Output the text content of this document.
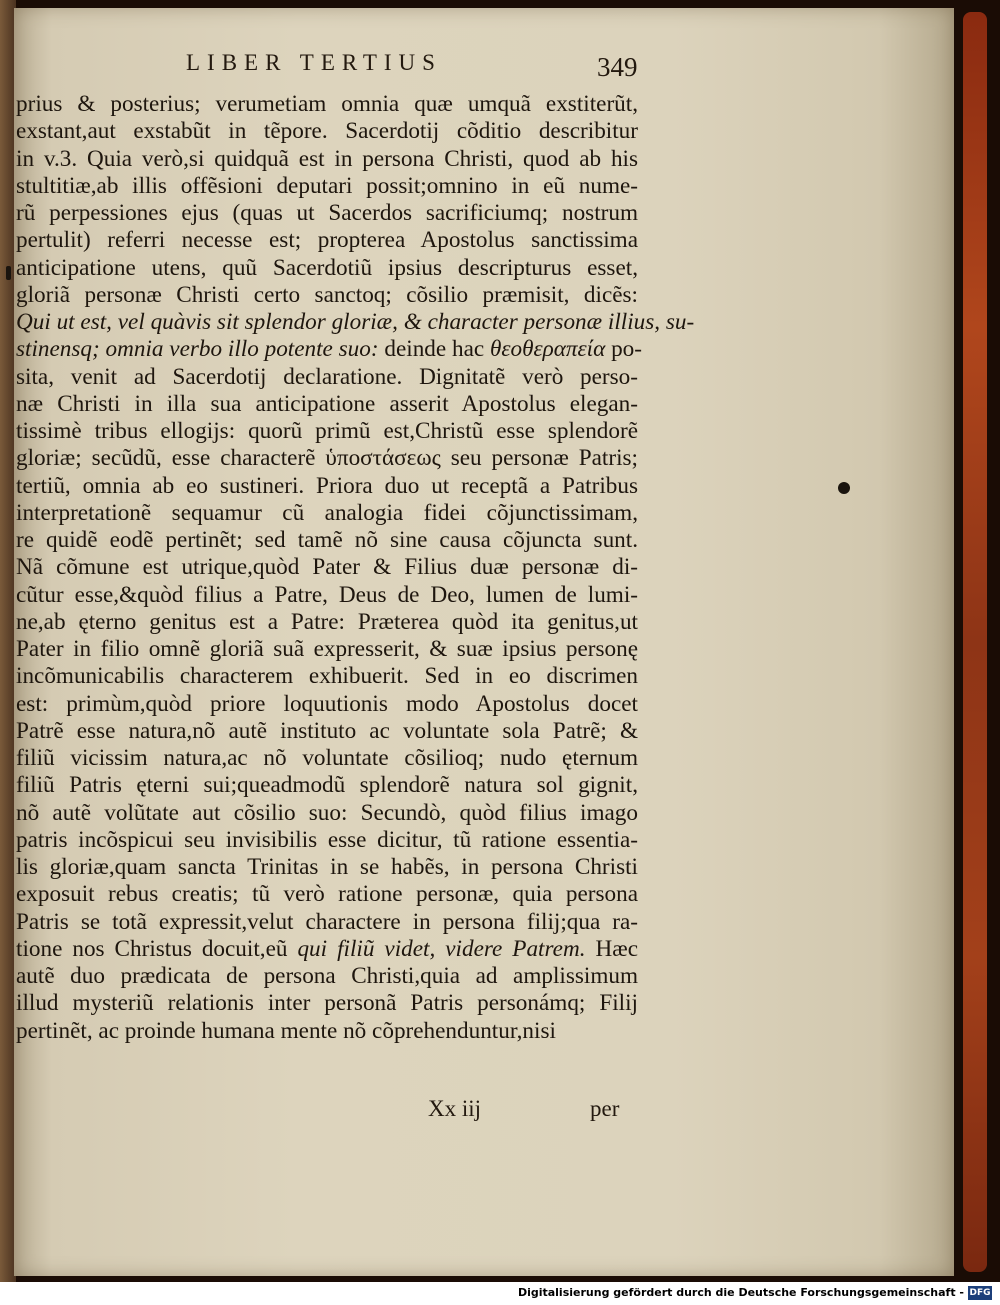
LIBER TERTIUS	349
prius & posterius; verumetiam omnia quæ umquã exstiterũt,
exstant,aut exstabũt in tẽpore. Sacerdotij cõditio describitur
in v.3. Quia verò,si quidquã est in persona Christi, quod ab his
stultitiæ,ab illis offẽsioni deputari possit;omnino in eũ nume-
rũ perpessiones ejus (quas ut Sacerdos sacrificiumq; nostrum
pertulit) referri necesse est; propterea Apostolus sanctissima
anticipatione utens, quũ Sacerdotiũ ipsius descripturus esset,
gloriã personæ Christi certo sanctoq; cõsilio præmisit, dicẽs:
Qui ut est, vel quàvis sit splendor gloriæ, & character personæ illius, su-
stinensq; omnia verbo illo potente suo: deinde hac θεοθεραπεία po-
sita, venit ad Sacerdotij declaratione. Dignitatẽ verò perso-
næ Christi in illa sua anticipatione asserit Apostolus elegan-
tissimè tribus ellogijs: quorũ primũ est,Christũ esse splendorẽ
gloriæ; secũdũ, esse characterẽ ὑποστάσεως seu personæ Patris;
tertiũ, omnia ab eo sustineri. Priora duo ut receptã a Patribus
interpretationẽ sequamur cũ analogia fidei cõjunctissimam,
re quidẽ eodẽ pertinẽt; sed tamẽ nõ sine causa cõjuncta sunt.
Nã cõmune est utrique,quòd Pater & Filius duæ personæ di-
cũtur esse,&quòd filius a Patre, Deus de Deo, lumen de lumi-
ne,ab ęterno genitus est a Patre: Præterea quòd ita genitus,ut
Pater in filio omnẽ gloriã suã expresserit, & suæ ipsius personę
incõmunicabilis characterem exhibuerit. Sed in eo discrimen
est: primùm,quòd priore loquutionis modo Apostolus docet
Patrẽ esse natura,nõ autẽ instituto ac voluntate sola Patrẽ; &
filiũ vicissim natura,ac nõ voluntate cõsilioq; nudo ęternum
filiũ Patris ęterni sui;queadmodũ splendorẽ natura sol gignit,
nõ autẽ volũtate aut cõsilio suo: Secundò, quòd filius imago
patris incõspicui seu invisibilis esse dicitur, tũ ratione essentia-
lis gloriæ,quam sancta Trinitas in se habẽs, in persona Christi
exposuit rebus creatis; tũ verò ratione personæ, quia persona
Patris se totã expressit,velut charactere in persona filij;qua ra-
tione nos Christus docuit,eũ qui filiũ videt, videre Patrem. Hæc
autẽ duo prædicata de persona Christi,quia ad amplissimum
illud mysteriũ relationis inter personã Patris personámq; Filij
pertinẽt, ac proinde humana mente nõ cõprehenduntur,nisi
Xx iij	per
Digitalisierung gefördert durch die Deutsche Forschungsgemeinschaft - DFG
